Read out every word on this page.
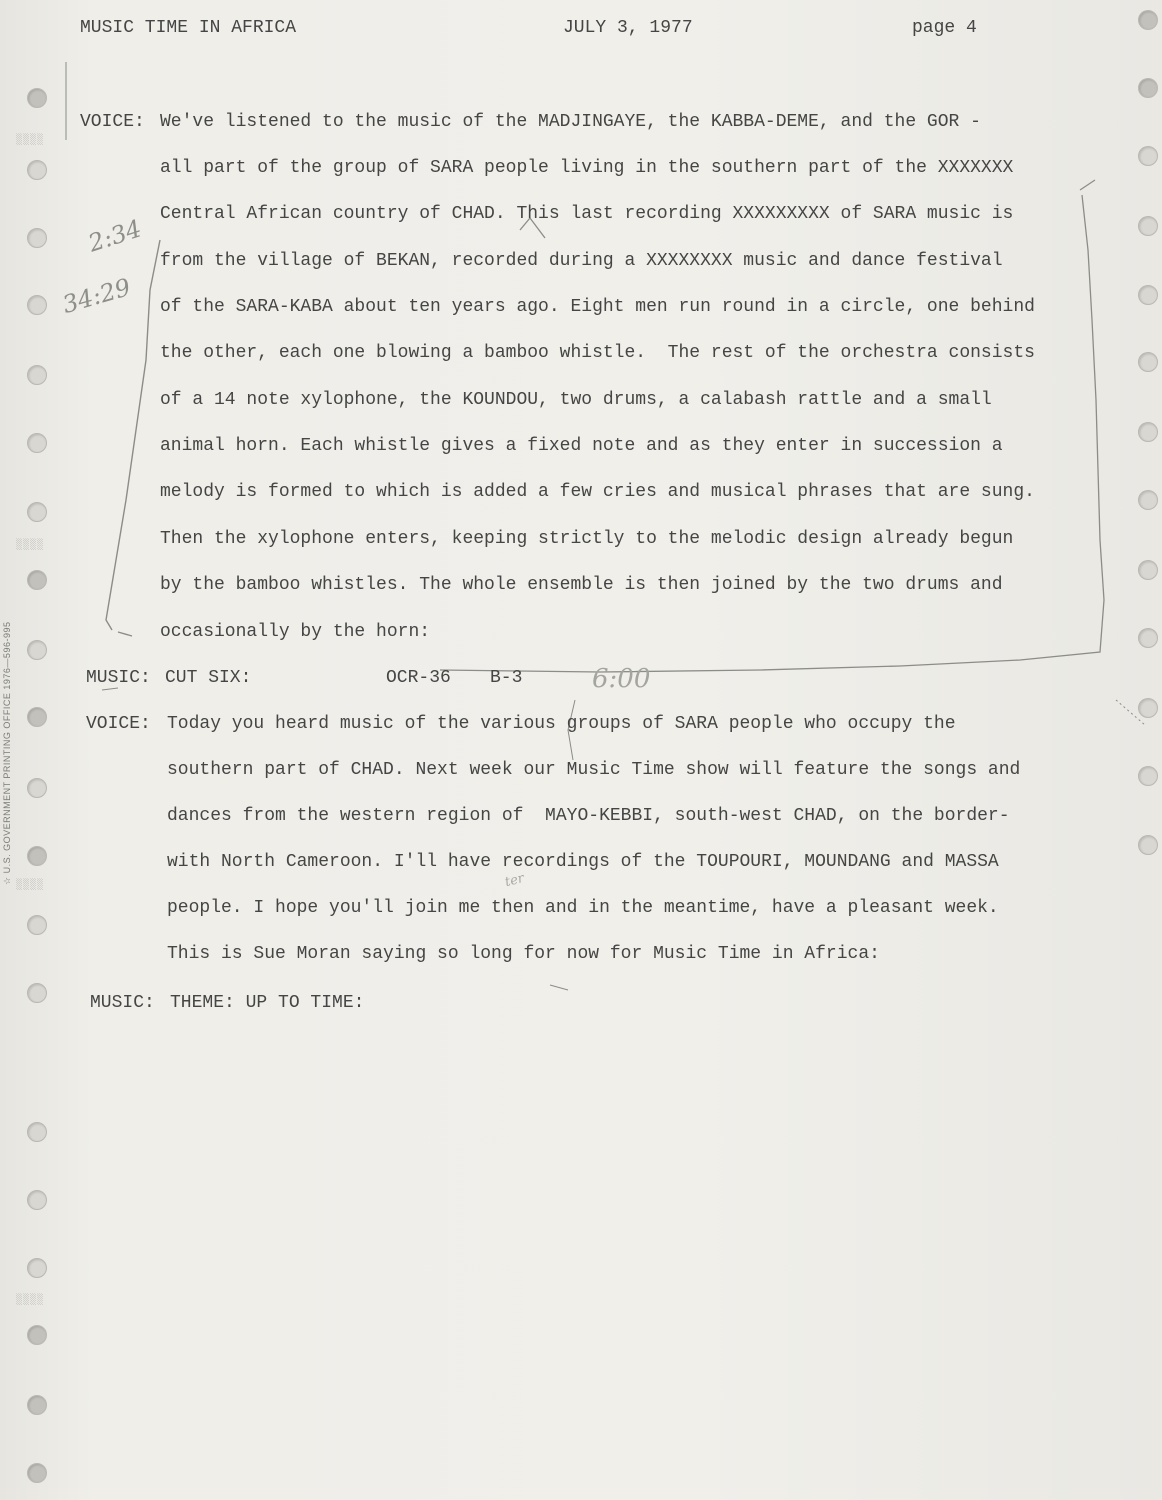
░░░░
░░░░
░░░░
░░░░
☆ U.S. GOVERNMENT PRINTING OFFICE 1976—596-995
MUSIC TIME IN AFRICA	JULY 3, 1977	page 4
2:34
34:29
6:00
ter
VOICE: We've listened to the music of the MADJINGAYE, the KABBA-DEME, and the GOR -
all part of the group of SARA people living in the southern part of the XXXXXXX
Central African country of CHAD. This last recording XXXXXXXXX of SARA music is
from the village of BEKAN, recorded during a XXXXXXXX music and dance festival
of the SARA-KABA about ten years ago. Eight men run round in a circle, one behind
the other, each one blowing a bamboo whistle.  The rest of the orchestra consists
of a 14 note xylophone, the KOUNDOU, two drums, a calabash rattle and a small
animal horn. Each whistle gives a fixed note and as they enter in succession a
melody is formed to which is added a few cries and musical phrases that are sung.
Then the xylophone enters, keeping strictly to the melodic design already begun
by the bamboo whistles. The whole ensemble is then joined by the two drums and
occasionally by the horn:
MUSIC: CUT SIX:	OCR-36 B-3
VOICE: Today you heard music of the various groups of SARA people who occupy the
southern part of CHAD. Next week our Music Time show will feature the songs and
dances from the western region of  MAYO-KEBBI, south-west CHAD, on the border-
with North Cameroon. I'll have recordings of the TOUPOURI, MOUNDANG and MASSA
people. I hope you'll join me then and in the meantime, have a pleasant week.
This is Sue Moran saying so long for now for Music Time in Africa:
MUSIC: THEME: UP TO TIME:
